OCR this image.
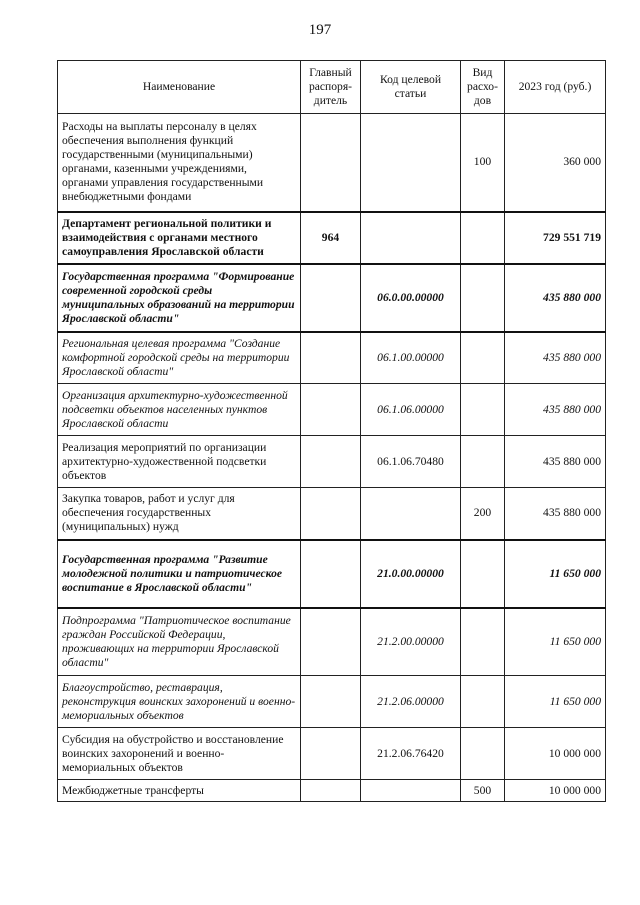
197
Наименование	Главный распоря-дитель	Код целевой статьи	Вид расхо-дов	2023 год (руб.)
Расходы на выплаты персоналу в целях обеспечения выполнения функций государственными (муниципальными) органами, казенными учреждениями, органами управления государственными внебюджетными фондами			100	360 000
Департамент региональной политики и взаимодействия с органами местного самоуправления Ярославской области	964			729 551 719
Государственная программа "Формирование современной городской среды муниципальных образований на территории Ярославской области"		06.0.00.00000		435 880 000
Региональная целевая программа "Создание комфортной городской среды на территории Ярославской области"		06.1.00.00000		435 880 000
Организация архитектурно-художественной подсветки объектов населенных пунктов Ярославской области		06.1.06.00000		435 880 000
Реализация мероприятий по организации архитектурно-художественной подсветки объектов		06.1.06.70480		435 880 000
Закупка товаров, работ и услуг для обеспечения государственных (муниципальных) нужд			200	435 880 000
Государственная программа "Развитие молодежной политики и патриотическое воспитание в Ярославской области"		21.0.00.00000		11 650 000
Подпрограмма "Патриотическое воспитание граждан Российской Федерации, проживающих на территории Ярославской области"		21.2.00.00000		11 650 000
Благоустройство, реставрация, реконструкция воинских захоронений и военно-мемориальных объектов		21.2.06.00000		11 650 000
Субсидия на обустройство и восстановление воинских захоронений и военно-мемориальных объектов		21.2.06.76420		10 000 000
Межбюджетные трансферты			500	10 000 000
